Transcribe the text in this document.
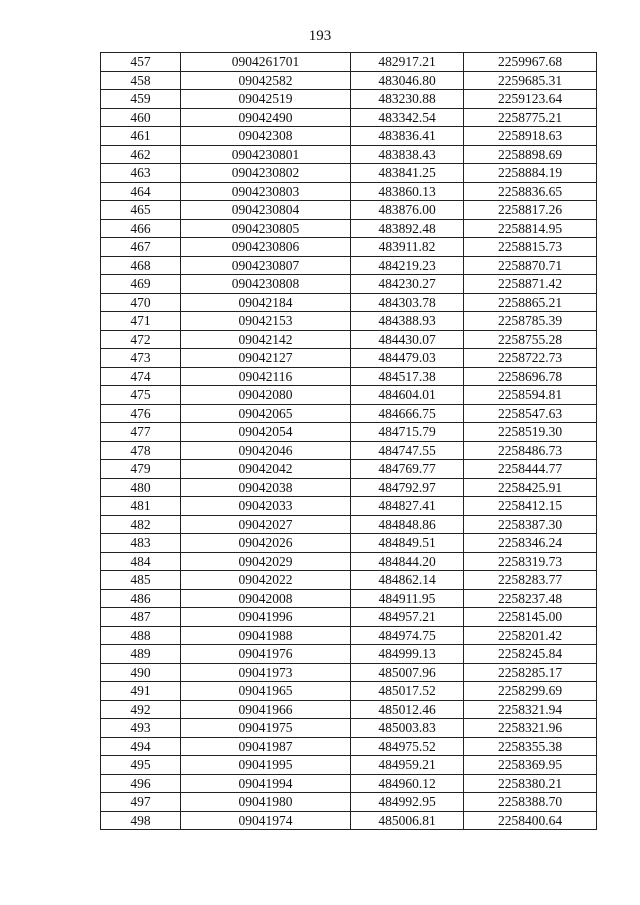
193
457	0904261701	482917.21	2259967.68
458	09042582	483046.80	2259685.31
459	09042519	483230.88	2259123.64
460	09042490	483342.54	2258775.21
461	09042308	483836.41	2258918.63
462	0904230801	483838.43	2258898.69
463	0904230802	483841.25	2258884.19
464	0904230803	483860.13	2258836.65
465	0904230804	483876.00	2258817.26
466	0904230805	483892.48	2258814.95
467	0904230806	483911.82	2258815.73
468	0904230807	484219.23	2258870.71
469	0904230808	484230.27	2258871.42
470	09042184	484303.78	2258865.21
471	09042153	484388.93	2258785.39
472	09042142	484430.07	2258755.28
473	09042127	484479.03	2258722.73
474	09042116	484517.38	2258696.78
475	09042080	484604.01	2258594.81
476	09042065	484666.75	2258547.63
477	09042054	484715.79	2258519.30
478	09042046	484747.55	2258486.73
479	09042042	484769.77	2258444.77
480	09042038	484792.97	2258425.91
481	09042033	484827.41	2258412.15
482	09042027	484848.86	2258387.30
483	09042026	484849.51	2258346.24
484	09042029	484844.20	2258319.73
485	09042022	484862.14	2258283.77
486	09042008	484911.95	2258237.48
487	09041996	484957.21	2258145.00
488	09041988	484974.75	2258201.42
489	09041976	484999.13	2258245.84
490	09041973	485007.96	2258285.17
491	09041965	485017.52	2258299.69
492	09041966	485012.46	2258321.94
493	09041975	485003.83	2258321.96
494	09041987	484975.52	2258355.38
495	09041995	484959.21	2258369.95
496	09041994	484960.12	2258380.21
497	09041980	484992.95	2258388.70
498	09041974	485006.81	2258400.64
